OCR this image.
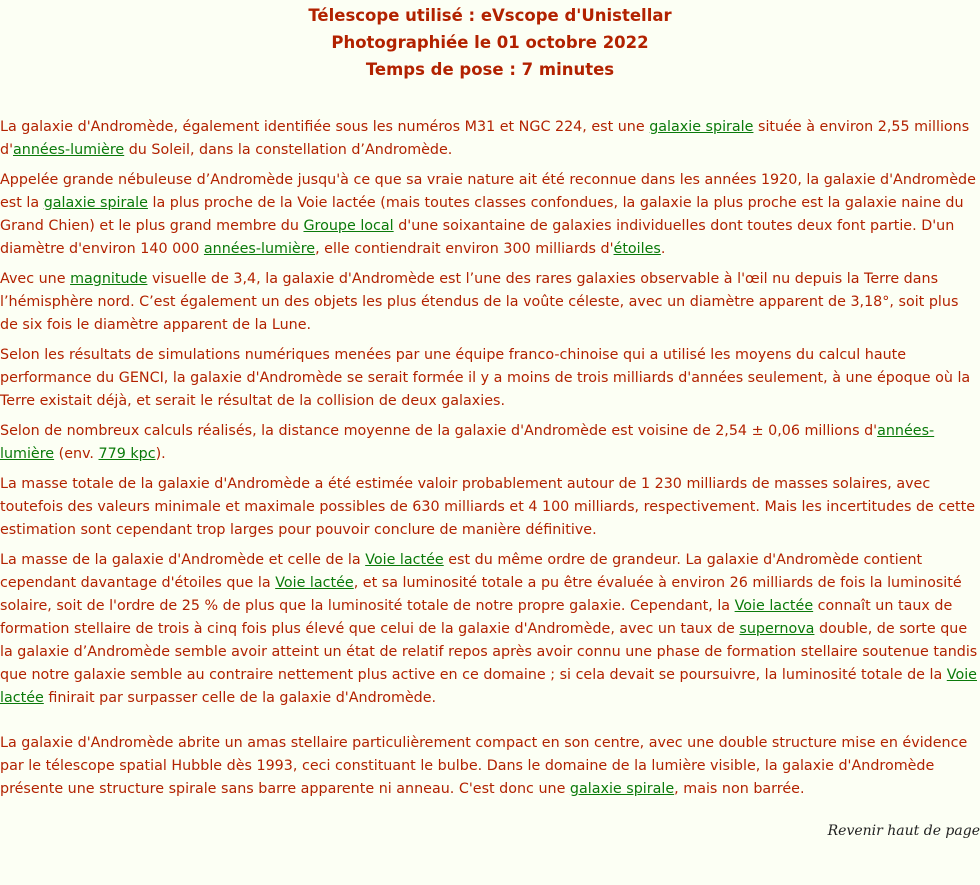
Télescope utilisé : eVscope d'Unistellar
Photographiée le 01 octobre 2022
Temps de pose : 7 minutes

La galaxie d'Andromède, également identifiée sous les numéros M31 et NGC 224, est une galaxie spirale située à environ 2,55 millions d'années-lumière du Soleil, dans la constellation d’Andromède.

Appelée grande nébuleuse d’Andromède jusqu'à ce que sa vraie nature ait été reconnue dans les années 1920, la galaxie d'Andromède est la galaxie spirale la plus proche de la Voie lactée (mais toutes classes confondues, la galaxie la plus proche est la galaxie naine du Grand Chien) et le plus grand membre du Groupe local d'une soixantaine de galaxies individuelles dont toutes deux font partie. D'un diamètre d'environ 140 000 années-lumière, elle contiendrait environ 300 milliards d'étoiles.

Avec une magnitude visuelle de 3,4, la galaxie d'Andromède est l’une des rares galaxies observable à l'œil nu depuis la Terre dans l’hémisphère nord. C’est également un des objets les plus étendus de la voûte céleste, avec un diamètre apparent de 3,18°, soit plus de six fois le diamètre apparent de la Lune.

Selon les résultats de simulations numériques menées par une équipe franco-chinoise qui a utilisé les moyens du calcul haute performance du GENCI, la galaxie d'Andromède se serait formée il y a moins de trois milliards d'années seulement, à une époque où la Terre existait déjà, et serait le résultat de la collision de deux galaxies.

Selon de nombreux calculs réalisés, la distance moyenne de la galaxie d'Andromède est voisine de 2,54 ± 0,06 millions d'années-lumière (env. 779 kpc).

La masse totale de la galaxie d'Andromède a été estimée valoir probablement autour de 1 230 milliards de masses solaires, avec toutefois des valeurs minimale et maximale possibles de 630 milliards et 4 100 milliards, respectivement. Mais les incertitudes de cette estimation sont cependant trop larges pour pouvoir conclure de manière définitive.

La masse de la galaxie d'Andromède et celle de la Voie lactée est du même ordre de grandeur. La galaxie d'Andromède contient cependant davantage d'étoiles que la Voie lactée, et sa luminosité totale a pu être évaluée à environ 26 milliards de fois la luminosité solaire, soit de l'ordre de 25 % de plus que la luminosité totale de notre propre galaxie. Cependant, la Voie lactée connaît un taux de formation stellaire de trois à cinq fois plus élevé que celui de la galaxie d'Andromède, avec un taux de supernova double, de sorte que la galaxie d’Andromède semble avoir atteint un état de relatif repos après avoir connu une phase de formation stellaire soutenue tandis que notre galaxie semble au contraire nettement plus active en ce domaine ; si cela devait se poursuivre, la luminosité totale de la Voie lactée finirait par surpasser celle de la galaxie d'Andromède.

La galaxie d'Andromède abrite un amas stellaire particulièrement compact en son centre, avec une double structure mise en évidence par le télescope spatial Hubble dès 1993, ceci constituant le bulbe. Dans le domaine de la lumière visible, la galaxie d'Andromède présente une structure spirale sans barre apparente ni anneau. C'est donc une galaxie spirale, mais non barrée.

Revenir haut de page
